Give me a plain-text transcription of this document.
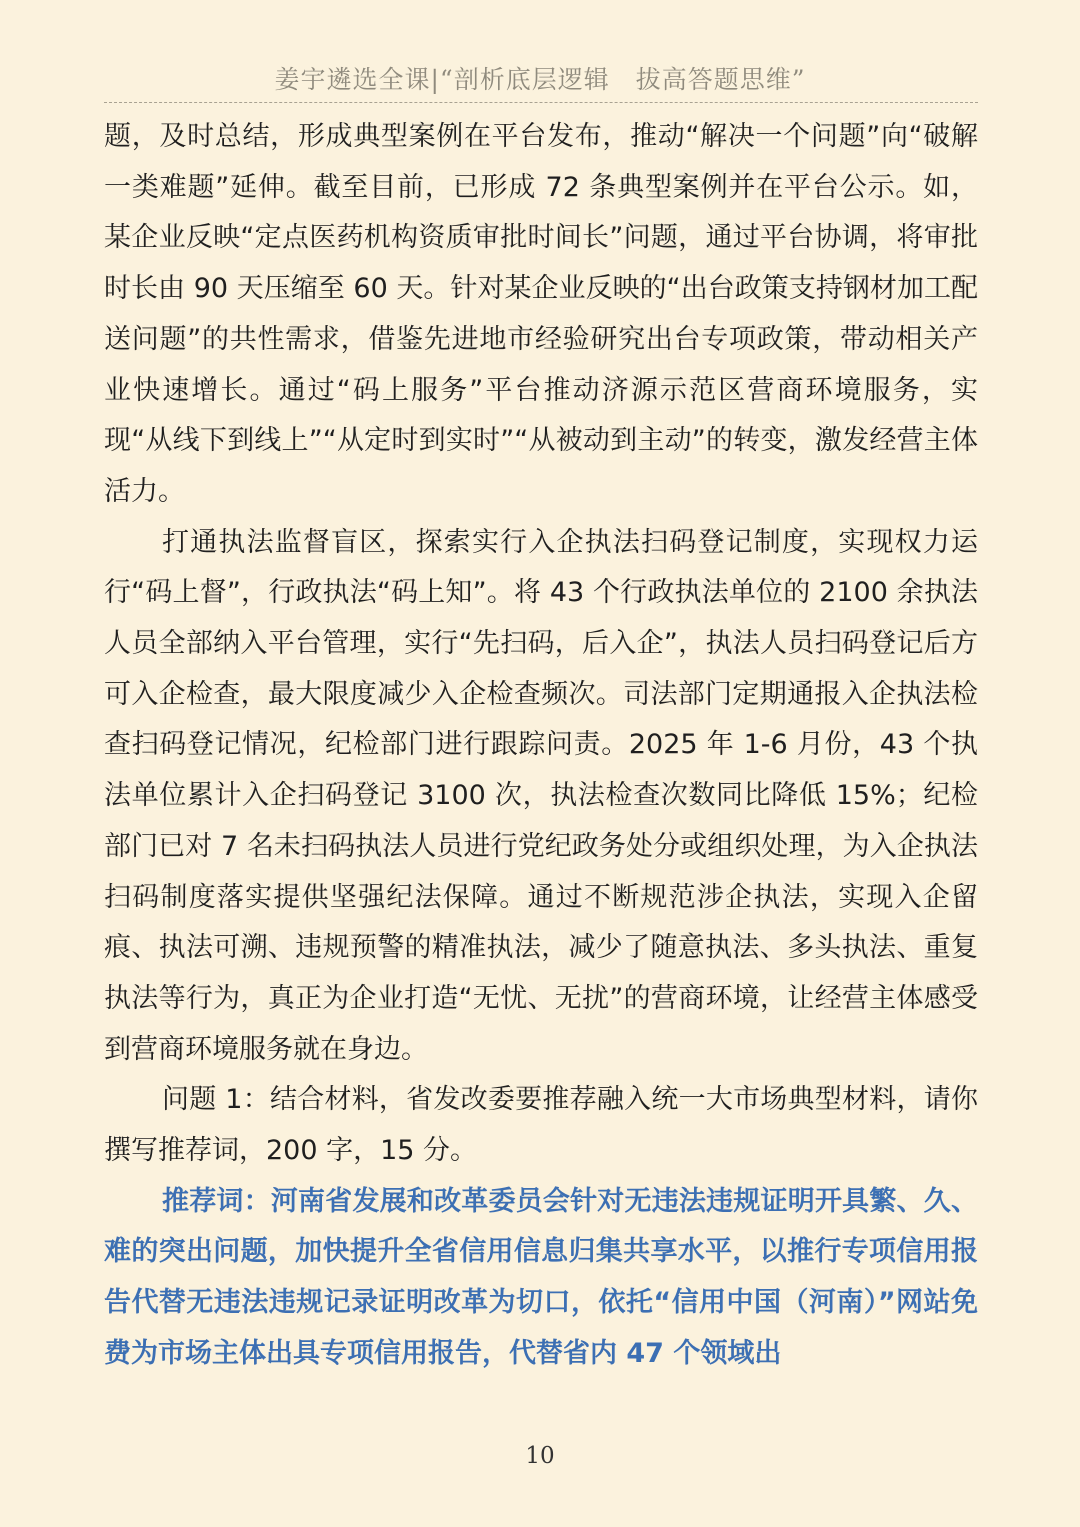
姜宇遴选全课|“剖析底层逻辑　拔高答题思维”

题，及时总结，形成典型案例在平台发布，推动“解决一个问题”向“破解一类难题”延伸。截至目前，已形成 72 条典型案例并在平台公示。如，某企业反映“定点医药机构资质审批时间长”问题，通过平台协调，将审批时长由 90 天压缩至 60 天。针对某企业反映的“出台政策支持钢材加工配送问题”的共性需求，借鉴先进地市经验研究出台专项政策，带动相关产业快速增长。通过“码上服务”平台推动济源示范区营商环境服务，实现“从线下到线上”“从定时到实时”“从被动到主动”的转变，激发经营主体活力。

打通执法监督盲区，探索实行入企执法扫码登记制度，实现权力运行“码上督”，行政执法“码上知”。将 43 个行政执法单位的 2100 余执法人员全部纳入平台管理，实行“先扫码，后入企”，执法人员扫码登记后方可入企检查，最大限度减少入企检查频次。司法部门定期通报入企执法检查扫码登记情况，纪检部门进行跟踪问责。2025 年 1-6 月份，43 个执法单位累计入企扫码登记 3100 次，执法检查次数同比降低 15%；纪检部门已对 7 名未扫码执法人员进行党纪政务处分或组织处理，为入企执法扫码制度落实提供坚强纪法保障。通过不断规范涉企执法，实现入企留痕、执法可溯、违规预警的精准执法，减少了随意执法、多头执法、重复执法等行为，真正为企业打造“无忧、无扰”的营商环境，让经营主体感受到营商环境服务就在身边。

问题 1：结合材料，省发改委要推荐融入统一大市场典型材料，请你撰写推荐词，200 字，15 分。

推荐词：河南省发展和改革委员会针对无违法违规证明开具繁、久、难的突出问题，加快提升全省信用信息归集共享水平，以推行专项信用报告代替无违法违规记录证明改革为切口，依托“信用中国（河南）”网站免费为市场主体出具专项信用报告，代替省内 47 个领域出

10
